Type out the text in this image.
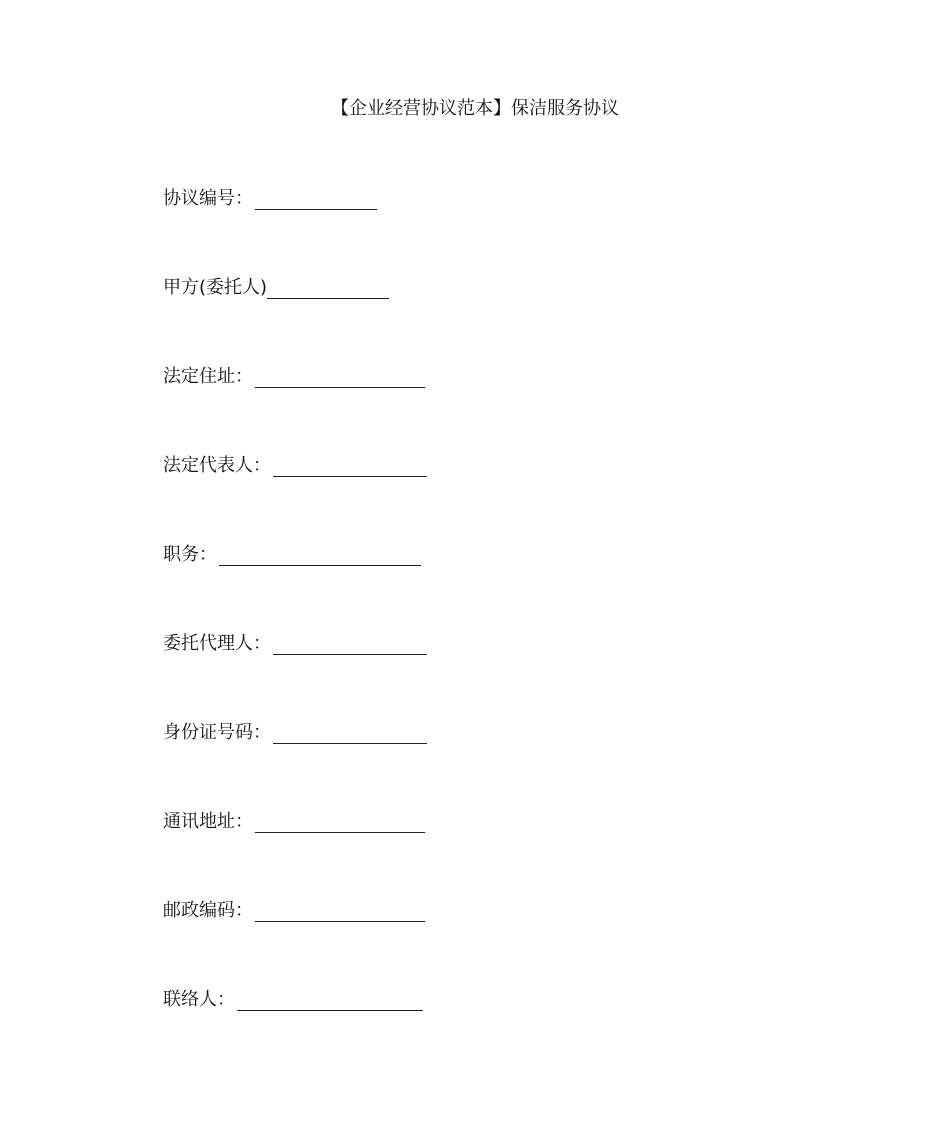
【企业经营协议范本】保洁服务协议
协议编号：
甲方(委托人)
法定住址：
法定代表人：
职务：
委托代理人：
身份证号码：
通讯地址：
邮政编码：
联络人：
